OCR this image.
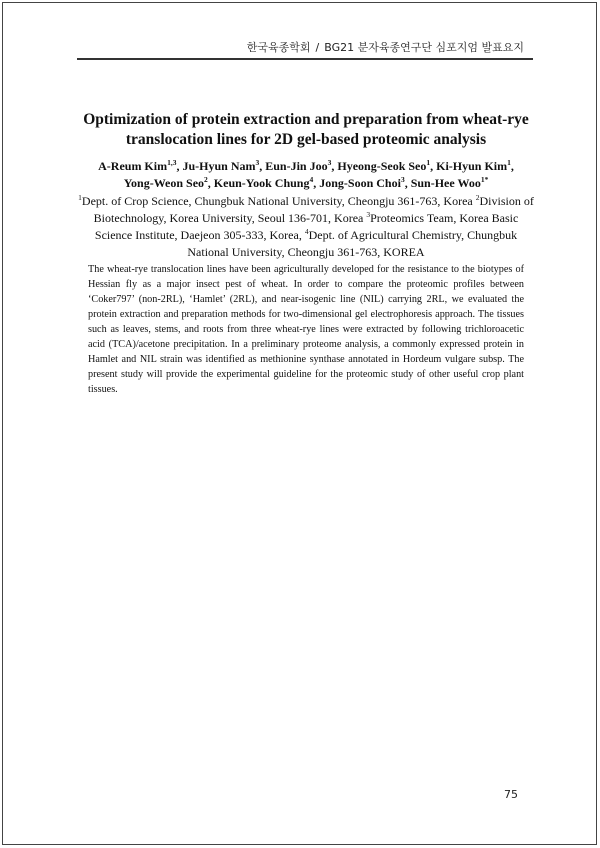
한국육종학회 / BG21 분자육종연구단 심포지엄 발표요지
Optimization of protein extraction and preparation from wheat-rye
translocation lines for 2D gel-based proteomic analysis
A-Reum Kim$^{1,3}$, Ju-Hyun Nam$^3$, Eun-Jin Joo$^3$, Hyeong-Seok Seo$^1$, Ki-Hyun Kim$^1$, Yong-Weon Seo$^2$, Keun-Yook Chung$^4$, Jong-Soon Choi$^3$, Sun-Hee Woo$^{1*}$
$^1$Dept. of Crop Science, Chungbuk National University, Cheongju 361-763, Korea $^2$Division of Biotechnology, Korea University, Seoul 136-701, Korea $^3$Proteomics Team, Korea Basic Science Institute, Daejeon 305-333, Korea, $^4$Dept. of Agricultural Chemistry, Chungbuk National University, Cheongju 361-763, KOREA
The wheat-rye translocation lines have been agriculturally developed for the resistance to the biotypes of Hessian fly as a major insect pest of wheat. In order to compare the proteomic profiles between ‘Coker797’ (non-2RL), ‘Hamlet’ (2RL), and near-isogenic line (NIL) carrying 2RL, we evaluated the protein extraction and preparation methods for two-dimensional gel electrophoresis approach. The tissues such as leaves, stems, and roots from three wheat-rye lines were extracted by following trichloroacetic acid (TCA)/acetone precipitation. In a preliminary proteome analysis, a commonly expressed protein in Hamlet and NIL strain was identified as methionine synthase annotated in Hordeum vulgare subsp. The present study will provide the experimental guideline for the proteomic study of other useful crop plant tissues.
75
